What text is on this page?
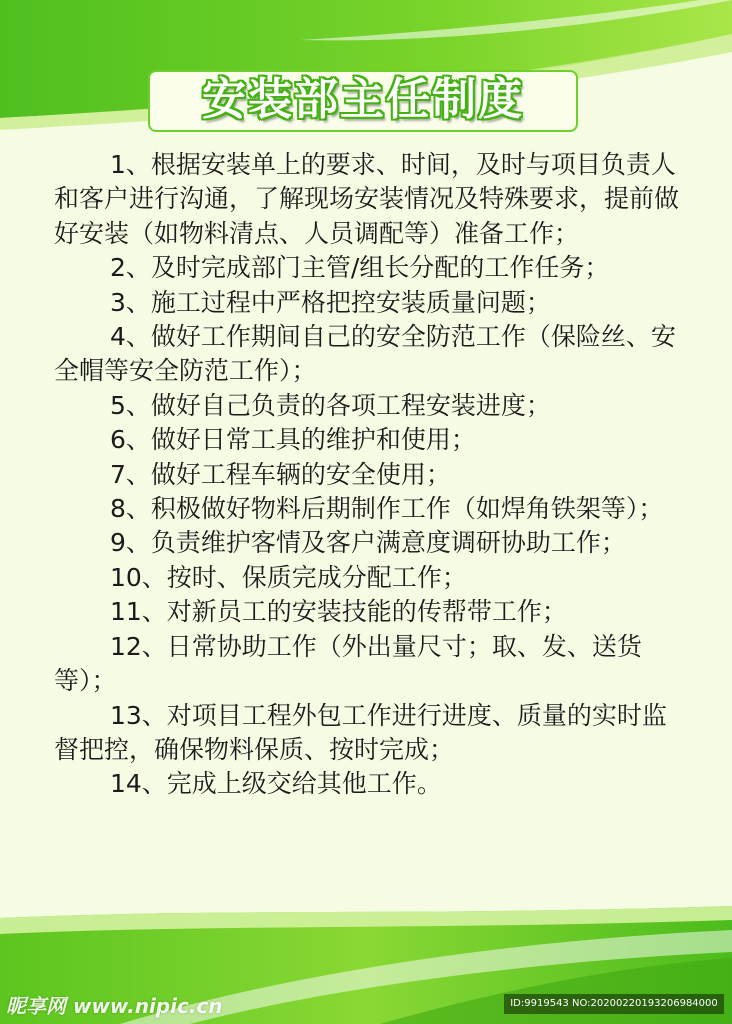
安装部主任制度

1、根据安装单上的要求、时间，及时与项目负责人和客户进行沟通，了解现场安装情况及特殊要求，提前做好安装（如物料清点、人员调配等）准备工作；

2、及时完成部门主管/组长分配的工作任务；

3、施工过程中严格把控安装质量问题；

4、做好工作期间自己的安全防范工作（保险丝、安全帽等安全防范工作）；

5、做好自己负责的各项工程安装进度；

6、做好日常工具的维护和使用；

7、做好工程车辆的安全使用；

8、积极做好物料后期制作工作（如焊角铁架等）；

9、负责维护客情及客户满意度调研协助工作；

10、按时、保质完成分配工作；

11、对新员工的安装技能的传帮带工作；

12、日常协助工作（外出量尺寸；取、发、送货等）；

13、对项目工程外包工作进行进度、质量的实时监督把控，确保物料保质、按时完成；

14、完成上级交给其他工作。

昵享网 www.nipic.cn	ID:9919543 NO:20200220193206984000
